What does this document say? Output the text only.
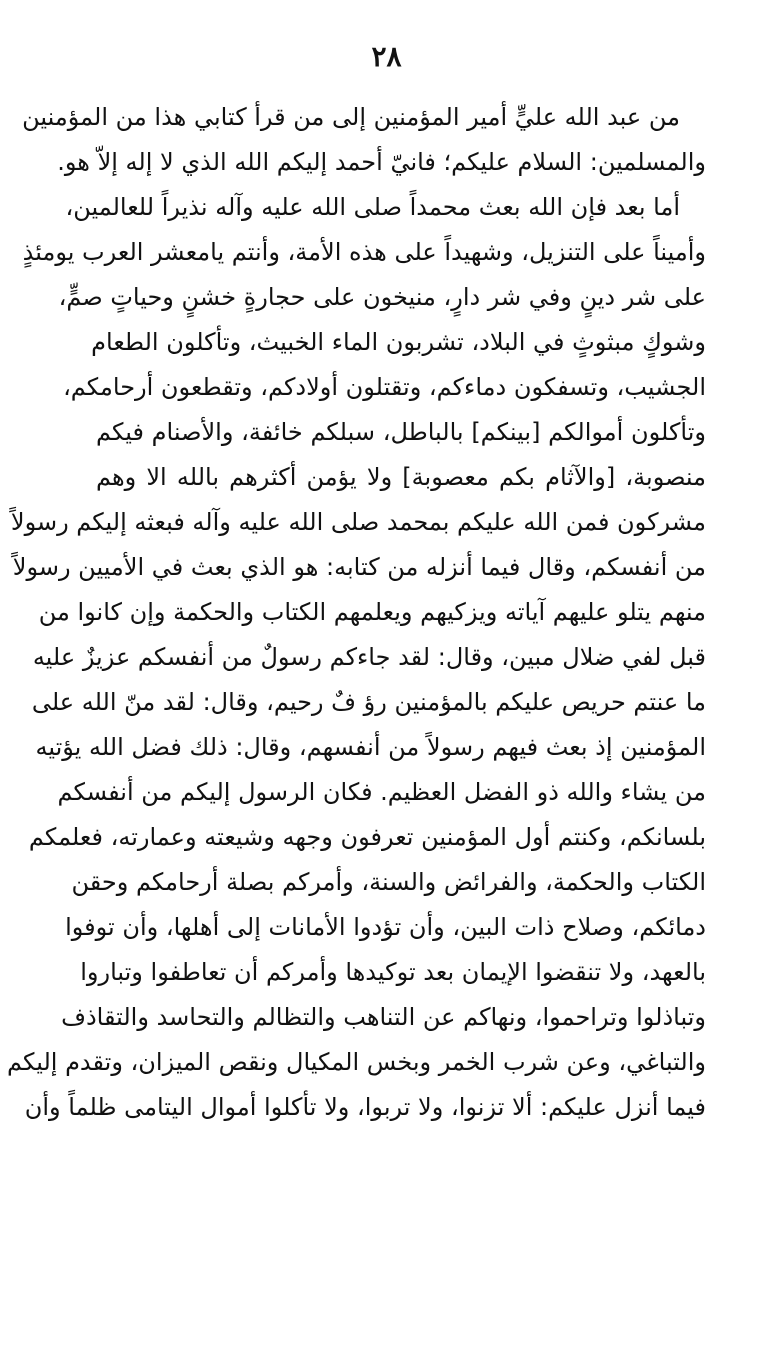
٢٨
من عبد الله عليٍّ أمير المؤمنين إلى من قرأ كتابي هذا من المؤمنين
والمسلمين: السلام عليكم؛ فانيّ أحمد إليكم الله الذي لا إله إلاّ هو.
أما بعد فإن الله بعث محمداً صلى الله عليه وآله نذيراً للعالمين،
وأميناً على التنزيل، وشهيداً على هذه الأمة، وأنتم يامعشر العرب يومئذٍ
على شر دينٍ وفي شر دارٍ، منيخون على حجارةٍ خشنٍ وحياتٍ صمٍّ،
وشوكٍ مبثوثٍ في البلاد، تشربون الماء الخبيث، وتأكلون الطعام
الجشيب، وتسفكون دماءكم، وتقتلون أولادكم، وتقطعون أرحامكم،
وتأكلون أموالكم [بينكم] بالباطل، سبلكم خائفة، والأصنام فيكم
منصوبة، [والآثام بكم معصوبة] ولا يؤمن أكثرهم بالله الا وهم
مشركون فمن الله عليكم بمحمد صلى الله عليه وآله فبعثه إليكم رسولاً
من أنفسكم، وقال فيما أنزله من كتابه: هو الذي بعث في الأميين رسولاً
منهم يتلو عليهم آياته ويزكيهم ويعلمهم الكتاب والحكمة وإن كانوا من
قبل لفي ضلال مبين، وقال: لقد جاءكم رسولٌ من أنفسكم عزيزٌ عليه
ما عنتم حريص عليكم بالمؤمنين رؤ فٌ رحيم، وقال: لقد منّ الله على
المؤمنين إذ بعث فيهم رسولاً من أنفسهم، وقال: ذلك فضل الله يؤتيه
من يشاء والله ذو الفضل العظيم. فكان الرسول إليكم من أنفسكم
بلسانكم، وكنتم أول المؤمنين تعرفون وجهه وشيعته وعمارته، فعلمكم
الكتاب والحكمة، والفرائض والسنة، وأمركم بصلة أرحامكم وحقن
دمائكم، وصلاح ذات البين، وأن تؤدوا الأمانات إلى أهلها، وأن توفوا
بالعهد، ولا تنقضوا الإيمان بعد توكيدها وأمركم أن تعاطفوا وتباروا
وتباذلوا وتراحموا، ونهاكم عن التناهب والتظالم والتحاسد والتقاذف
والتباغي، وعن شرب الخمر وبخس المكيال ونقص الميزان، وتقدم إليكم
فيما أنزل عليكم: ألا تزنوا، ولا تربوا، ولا تأكلوا أموال اليتامى ظلماً وأن
